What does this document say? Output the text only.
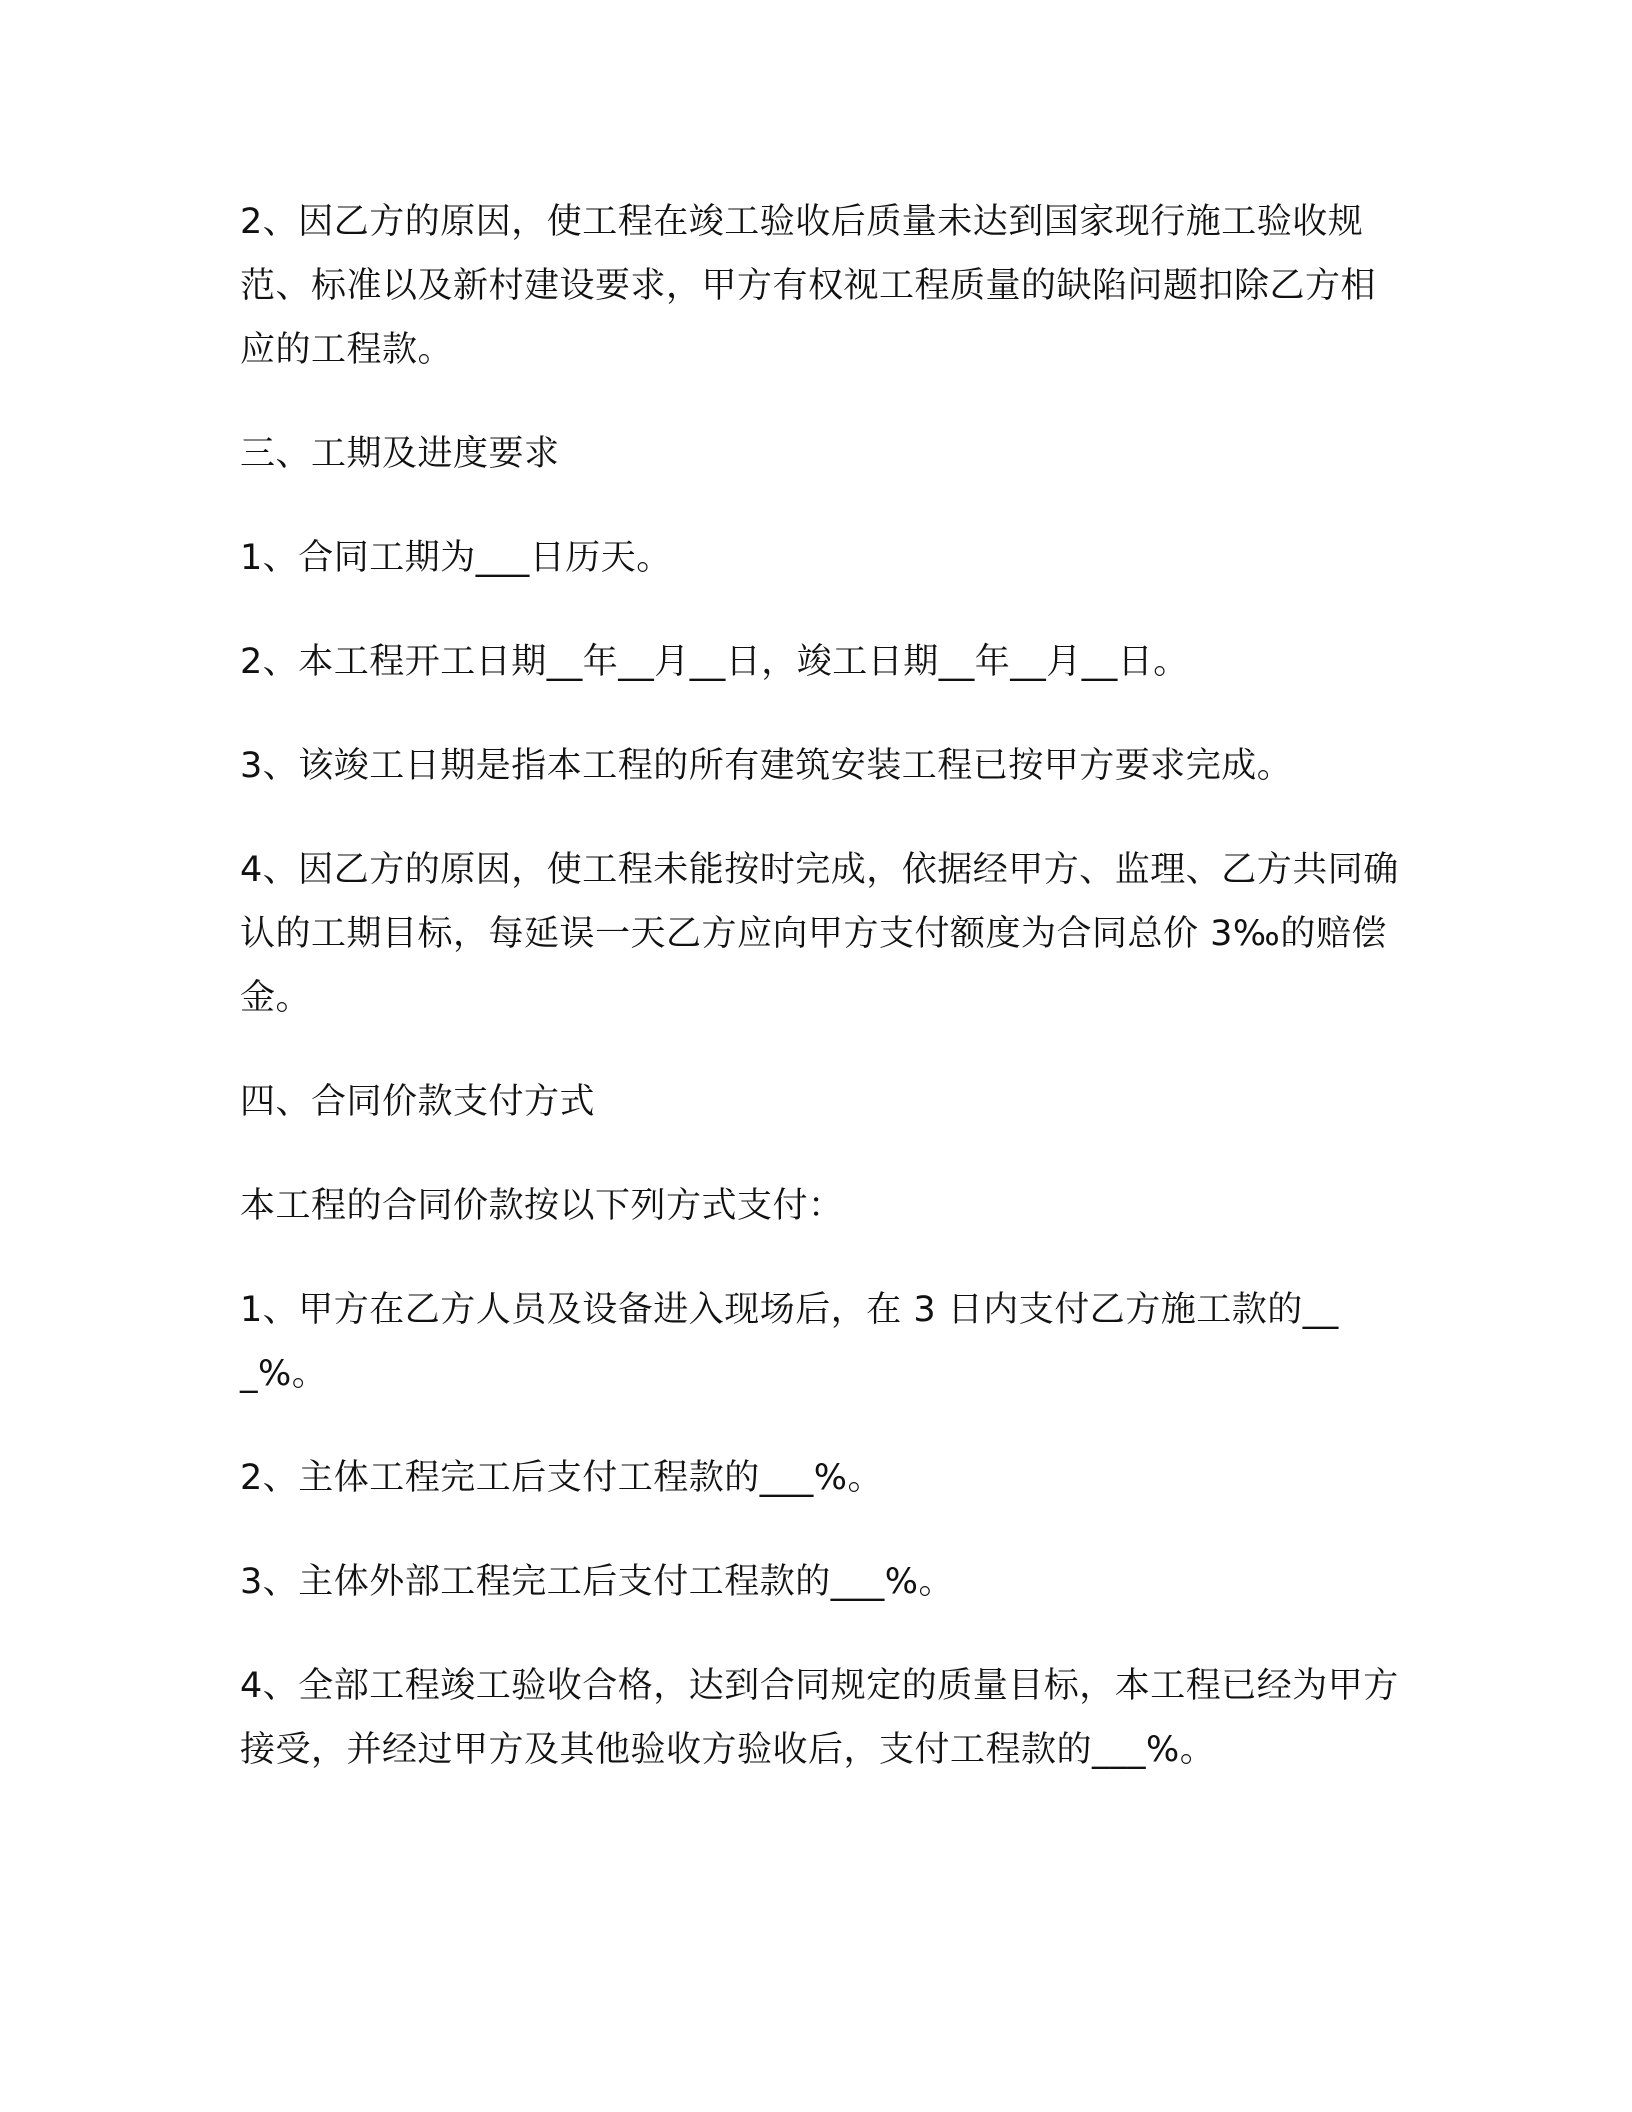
2、因乙方的原因，使工程在竣工验收后质量未达到国家现行施工验收规范、标准以及新村建设要求，甲方有权视工程质量的缺陷问题扣除乙方相应的工程款。

三、工期及进度要求

1、合同工期为___日历天。

2、本工程开工日期__年__月__日，竣工日期__年__月__日。

3、该竣工日期是指本工程的所有建筑安装工程已按甲方要求完成。

4、因乙方的原因，使工程未能按时完成，依据经甲方、监理、乙方共同确认的工期目标，每延误一天乙方应向甲方支付额度为合同总价 3‰的赔偿金。

四、合同价款支付方式

本工程的合同价款按以下列方式支付：

1、甲方在乙方人员及设备进入现场后，在 3 日内支付乙方施工款的___%。

2、主体工程完工后支付工程款的___%。

3、主体外部工程完工后支付工程款的___%。

4、全部工程竣工验收合格，达到合同规定的质量目标，本工程已经为甲方接受，并经过甲方及其他验收方验收后，支付工程款的___%。
